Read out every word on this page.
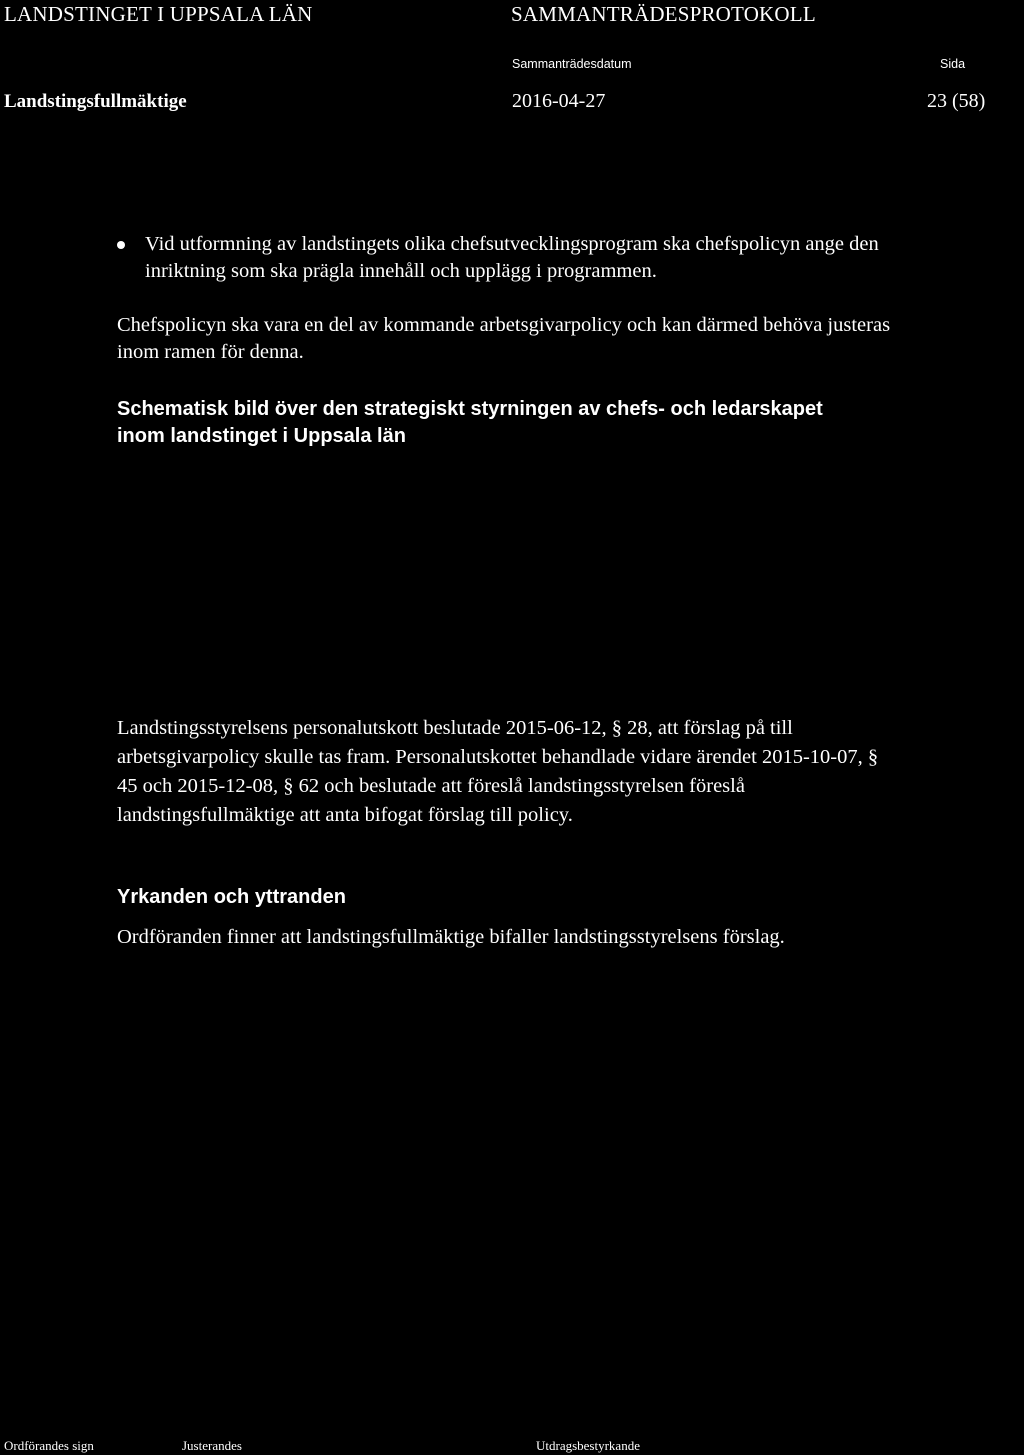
LANDSTINGET I UPPSALA LÄN	SAMMANTRÄDESPROTOKOLL
Sammanträdesdatum	Sida
Landstingsfullmäktige	2016-04-27	23 (58)
Vid utformning av landstingets olika chefsutvecklingsprogram ska chefspolicyn ange den
inriktning som ska prägla innehåll och upplägg i programmen.
Chefspolicyn ska vara en del av kommande arbetsgivarpolicy och kan därmed behöva justeras
inom ramen för denna.
Schematisk bild över den strategiskt styrningen av chefs- och ledarskapet
inom landstinget i Uppsala län
Landstingsstyrelsens personalutskott beslutade 2015-06-12, § 28, att förslag på till
arbetsgivarpolicy skulle tas fram. Personalutskottet behandlade vidare ärendet 2015-10-07, §
45 och 2015-12-08, § 62 och beslutade att föreslå landstingsstyrelsen föreslå
landstingsfullmäktige att anta bifogat förslag till policy.
Yrkanden och yttranden
Ordföranden finner att landstingsfullmäktige bifaller landstingsstyrelsens förslag.
Ordförandes sign	Justerandes	Utdragsbestyrkande
